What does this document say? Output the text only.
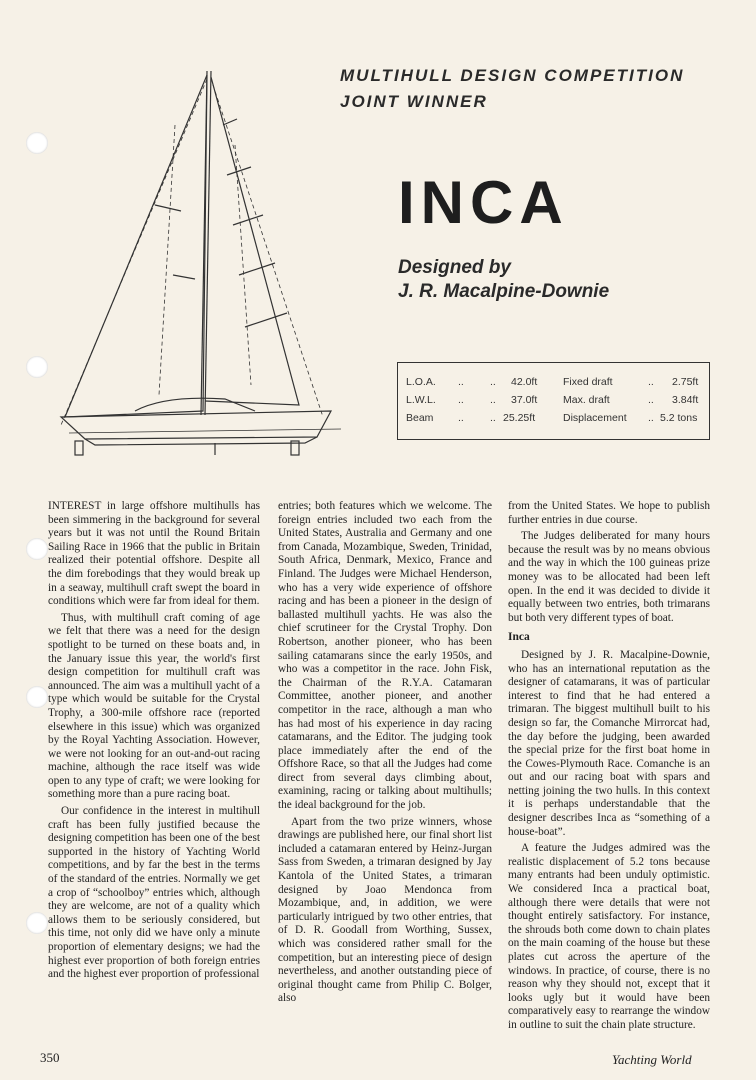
MULTIHULL DESIGN COMPETITION
JOINT WINNER
INCA
Designed by
J. R. Macalpine-Downie
L.O.A. .. .. 42.0ft Fixed draft	.. 2.75ft
L.W.L. .. .. 37.0ft Max. draft	.. 3.84ft
Beam .. .. 25.25ft	Displacement .. 5.2 tons

INTEREST in large offshore multihulls has been simmering in the background for several years but it was not until the Round Britain Sailing Race in 1966 that the public in Britain realized their potential offshore. Despite all the dim forebodings that they would break up in a seaway, multihull craft swept the board in conditions which were far from ideal for them.

Thus, with multihull craft coming of age we felt that there was a need for the design spotlight to be turned on these boats and, in the January issue this year, the world's first design competition for multihull craft was announced. The aim was a multihull yacht of a type which would be suitable for the Crystal Trophy, a 300-mile offshore race (reported elsewhere in this issue) which was organized by the Royal Yachting Association. However, we were not looking for an out-and-out racing machine, although the race itself was wide open to any type of craft; we were looking for something more than a pure racing boat.

Our confidence in the interest in multihull craft has been fully justified because the designing competition has been one of the best supported in the history of Yachting World competitions, and by far the best in the terms of the standard of the entries. Normally we get a crop of “schoolboy” entries which, although they are welcome, are not of a quality which allows them to be seriously considered, but this time, not only did we have only a minute proportion of elementary designs; we had the highest ever proportion of both foreign entries and the highest ever proportion of professional

entries; both features which we welcome. The foreign entries included two each from the United States, Australia and Germany and one from Canada, Mozambique, Sweden, Trinidad, South Africa, Denmark, Mexico, France and Finland. The Judges were Michael Henderson, who has a very wide experience of offshore racing and has been a pioneer in the design of ballasted multihull yachts. He was also the chief scrutineer for the Crystal Trophy. Don Robertson, another pioneer, who has been sailing catamarans since the early 1950s, and who was a competitor in the race. John Fisk, the Chairman of the R.Y.A. Catamaran Committee, another pioneer, and another competitor in the race, although a man who has had most of his experience in day racing catamarans, and the Editor. The judging took place immediately after the end of the Offshore Race, so that all the Judges had come direct from several days climbing about, examining, racing or talking about multihulls; the ideal background for the job.

Apart from the two prize winners, whose drawings are published here, our final short list included a catamaran entered by Heinz-Jurgan Sass from Sweden, a trimaran designed by Jay Kantola of the United States, a trimaran designed by Joao Mendonca from Mozambique, and, in addition, we were particularly intrigued by two other entries, that of D. R. Goodall from Worthing, Sussex, which was considered rather small for the competition, but an interesting piece of design nevertheless, and another outstanding piece of original thought came from Philip C. Bolger, also

from the United States. We hope to publish further entries in due course.

The Judges deliberated for many hours because the result was by no means obvious and the way in which the 100 guineas prize money was to be allocated had been left open. In the end it was decided to divide it equally between two entries, both trimarans but both very different types of boat.

Inca

Designed by J. R. Macalpine-Downie, who has an international reputation as the designer of catamarans, it was of particular interest to find that he had entered a trimaran. The biggest multihull built to his design so far, the Comanche Mirrorcat had, the day before the judging, been awarded the special prize for the first boat home in the Cowes-Plymouth Race. Comanche is an out and our racing boat with spars and netting joining the two hulls. In this context it is perhaps understandable that the designer describes Inca as “something of a house-boat”.

A feature the Judges admired was the realistic displacement of 5.2 tons because many entrants had been unduly optimistic. We considered Inca a practical boat, although there were details that were not thought entirely satisfactory. For instance, the shrouds both come down to chain plates on the main coaming of the house but these plates cut across the aperture of the windows. In practice, of course, there is no reason why they should not, except that it looks ugly but it would have been comparatively easy to rearrange the window in outline to suit the chain plate structure.

350	Yachting World
